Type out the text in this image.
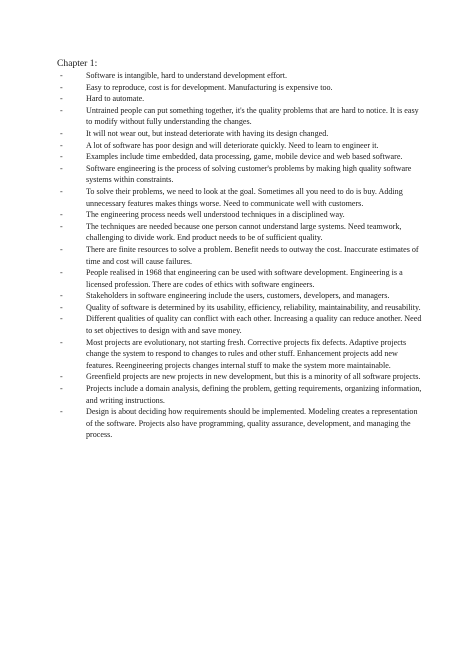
Chapter 1:

-	Software is intangible, hard to understand development effort.
-	Easy to reproduce, cost is for development. Manufacturing is expensive too.
-	Hard to automate.
-	Untrained people can put something together, it's the quality problems that are hard to notice. It is easy to modify without fully understanding the changes.
-	It will not wear out, but instead deteriorate with having its design changed.
-	A lot of software has poor design and will deteriorate quickly. Need to learn to engineer it.
-	Examples include time embedded, data processing, game, mobile device and web based software.
-	Software engineering is the process of solving customer's problems by making high quality software systems within constraints.
-	To solve their problems, we need to look at the goal. Sometimes all you need to do is buy. Adding unnecessary features makes things worse. Need to communicate well with customers.
-	The engineering process needs well understood techniques in a disciplined way.
-	The techniques are needed because one person cannot understand large systems. Need teamwork, challenging to divide work. End product needs to be of sufficient quality.
-	There are finite resources to solve a problem. Benefit needs to outway the cost. Inaccurate estimates of time and cost will cause failures.
-	People realised in 1968 that engineering can be used with software development. Engineering is a licensed profession. There are codes of ethics with software engineers.
-	Stakeholders in software engineering include the users, customers, developers, and managers.
-	Quality of software is determined by its usability, efficiency, reliability, maintainability, and reusability.
-	Different qualities of quality can conflict with each other. Increasing a quality can reduce another. Need to set objectives to design with and save money.
-	Most projects are evolutionary, not starting fresh. Corrective projects fix defects. Adaptive projects change the system to respond to changes to rules and other stuff. Enhancement projects add new features. Reengineering projects changes internal stuff to make the system more maintainable.
-	Greenfield projects are new projects in new development, but this is a minority of all software projects.
-	Projects include a domain analysis, defining the problem, getting requirements, organizing information, and writing instructions.
-	Design is about deciding how requirements should be implemented. Modeling creates a representation of the software. Projects also have programming, quality assurance, development, and managing the process.
